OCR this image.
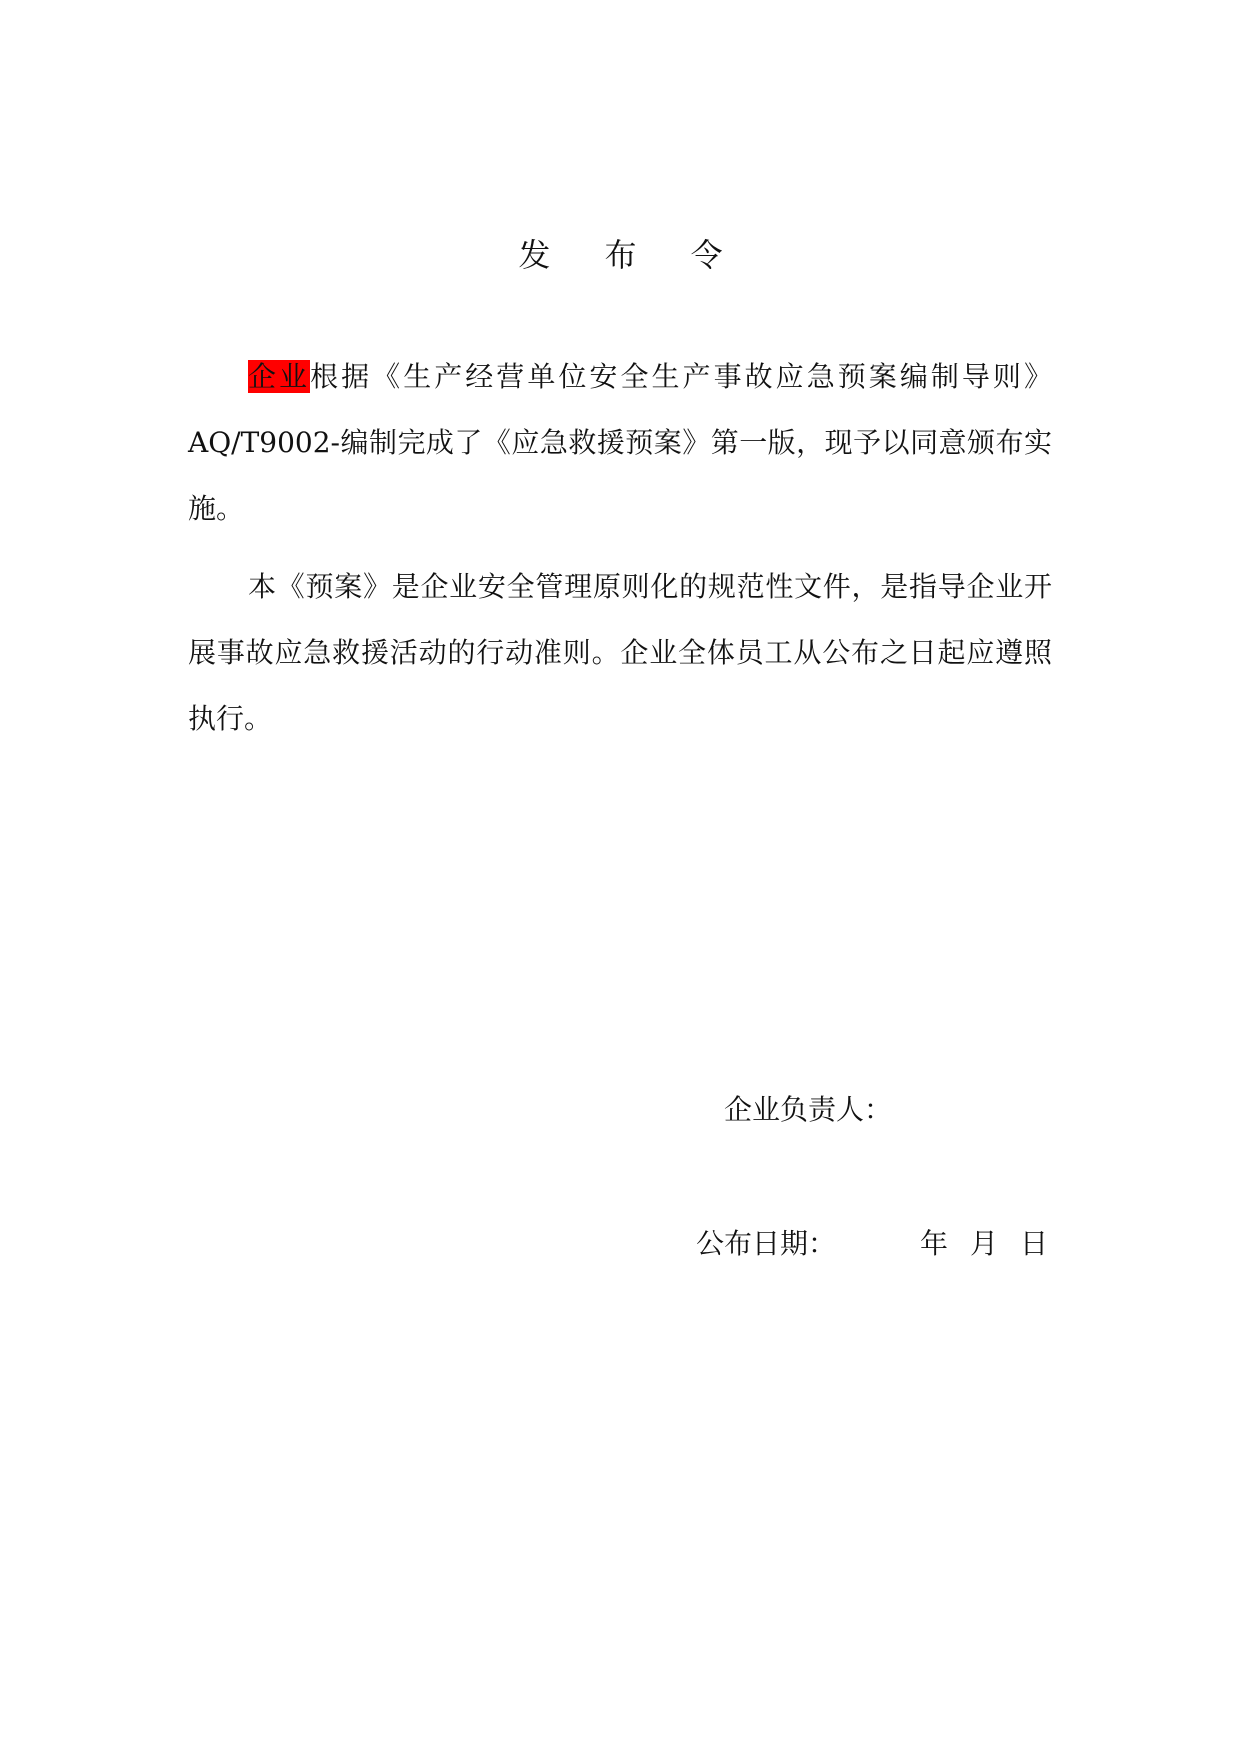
发 布 令

企业根据《生产经营单位安全生产事故应急预案编制导则》AQ/T9002-编制完成了《应急救援预案》第一版，现予以同意颁布实施。

本《预案》是企业安全管理原则化的规范性文件，是指导企业开展事故应急救援活动的行动准则。企业全体员工从公布之日起应遵照执行。

企业负责人：
公布日期：	年 月 日
